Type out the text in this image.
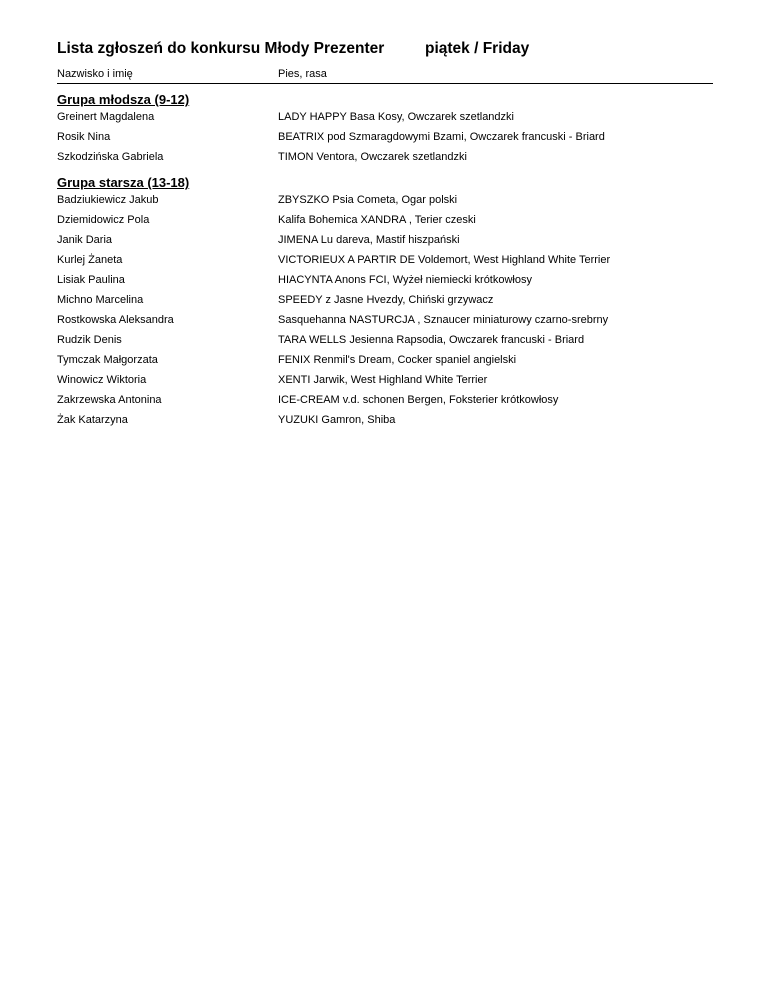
Lista zgłoszeń do konkursu Młody Prezenter	piątek / Friday
Nazwisko i imię	Pies, rasa
Grupa młodsza (9-12)
Greinert Magdalena	LADY HAPPY Basa Kosy, Owczarek szetlandzki
Rosik Nina	BEATRIX pod Szmaragdowymi Bzami, Owczarek francuski - Briard
Szkodzińska Gabriela	TIMON Ventora, Owczarek szetlandzki
Grupa starsza (13-18)
Badziukiewicz Jakub	ZBYSZKO Psia Cometa, Ogar polski
Dziemidowicz Pola	Kalifa Bohemica XANDRA , Terier czeski
Janik Daria	JIMENA Lu dareva, Mastif hiszpański
Kurlej Żaneta	VICTORIEUX A PARTIR DE Voldemort, West Highland White Terrier
Lisiak Paulina	HIACYNTA Anons FCI, Wyżeł niemiecki krótkowłosy
Michno Marcelina	SPEEDY z Jasne Hvezdy, Chiński grzywacz
Rostkowska Aleksandra	Sasquehanna NASTURCJA , Sznaucer miniaturowy czarno-srebrny
Rudzik Denis	TARA WELLS Jesienna Rapsodia, Owczarek francuski - Briard
Tymczak Małgorzata	FENIX Renmil's Dream, Cocker spaniel angielski
Winowicz Wiktoria	XENTI Jarwik, West Highland White Terrier
Zakrzewska Antonina	ICE-CREAM v.d. schonen Bergen, Foksterier krótkowłosy
Żak Katarzyna	YUZUKI Gamron, Shiba
